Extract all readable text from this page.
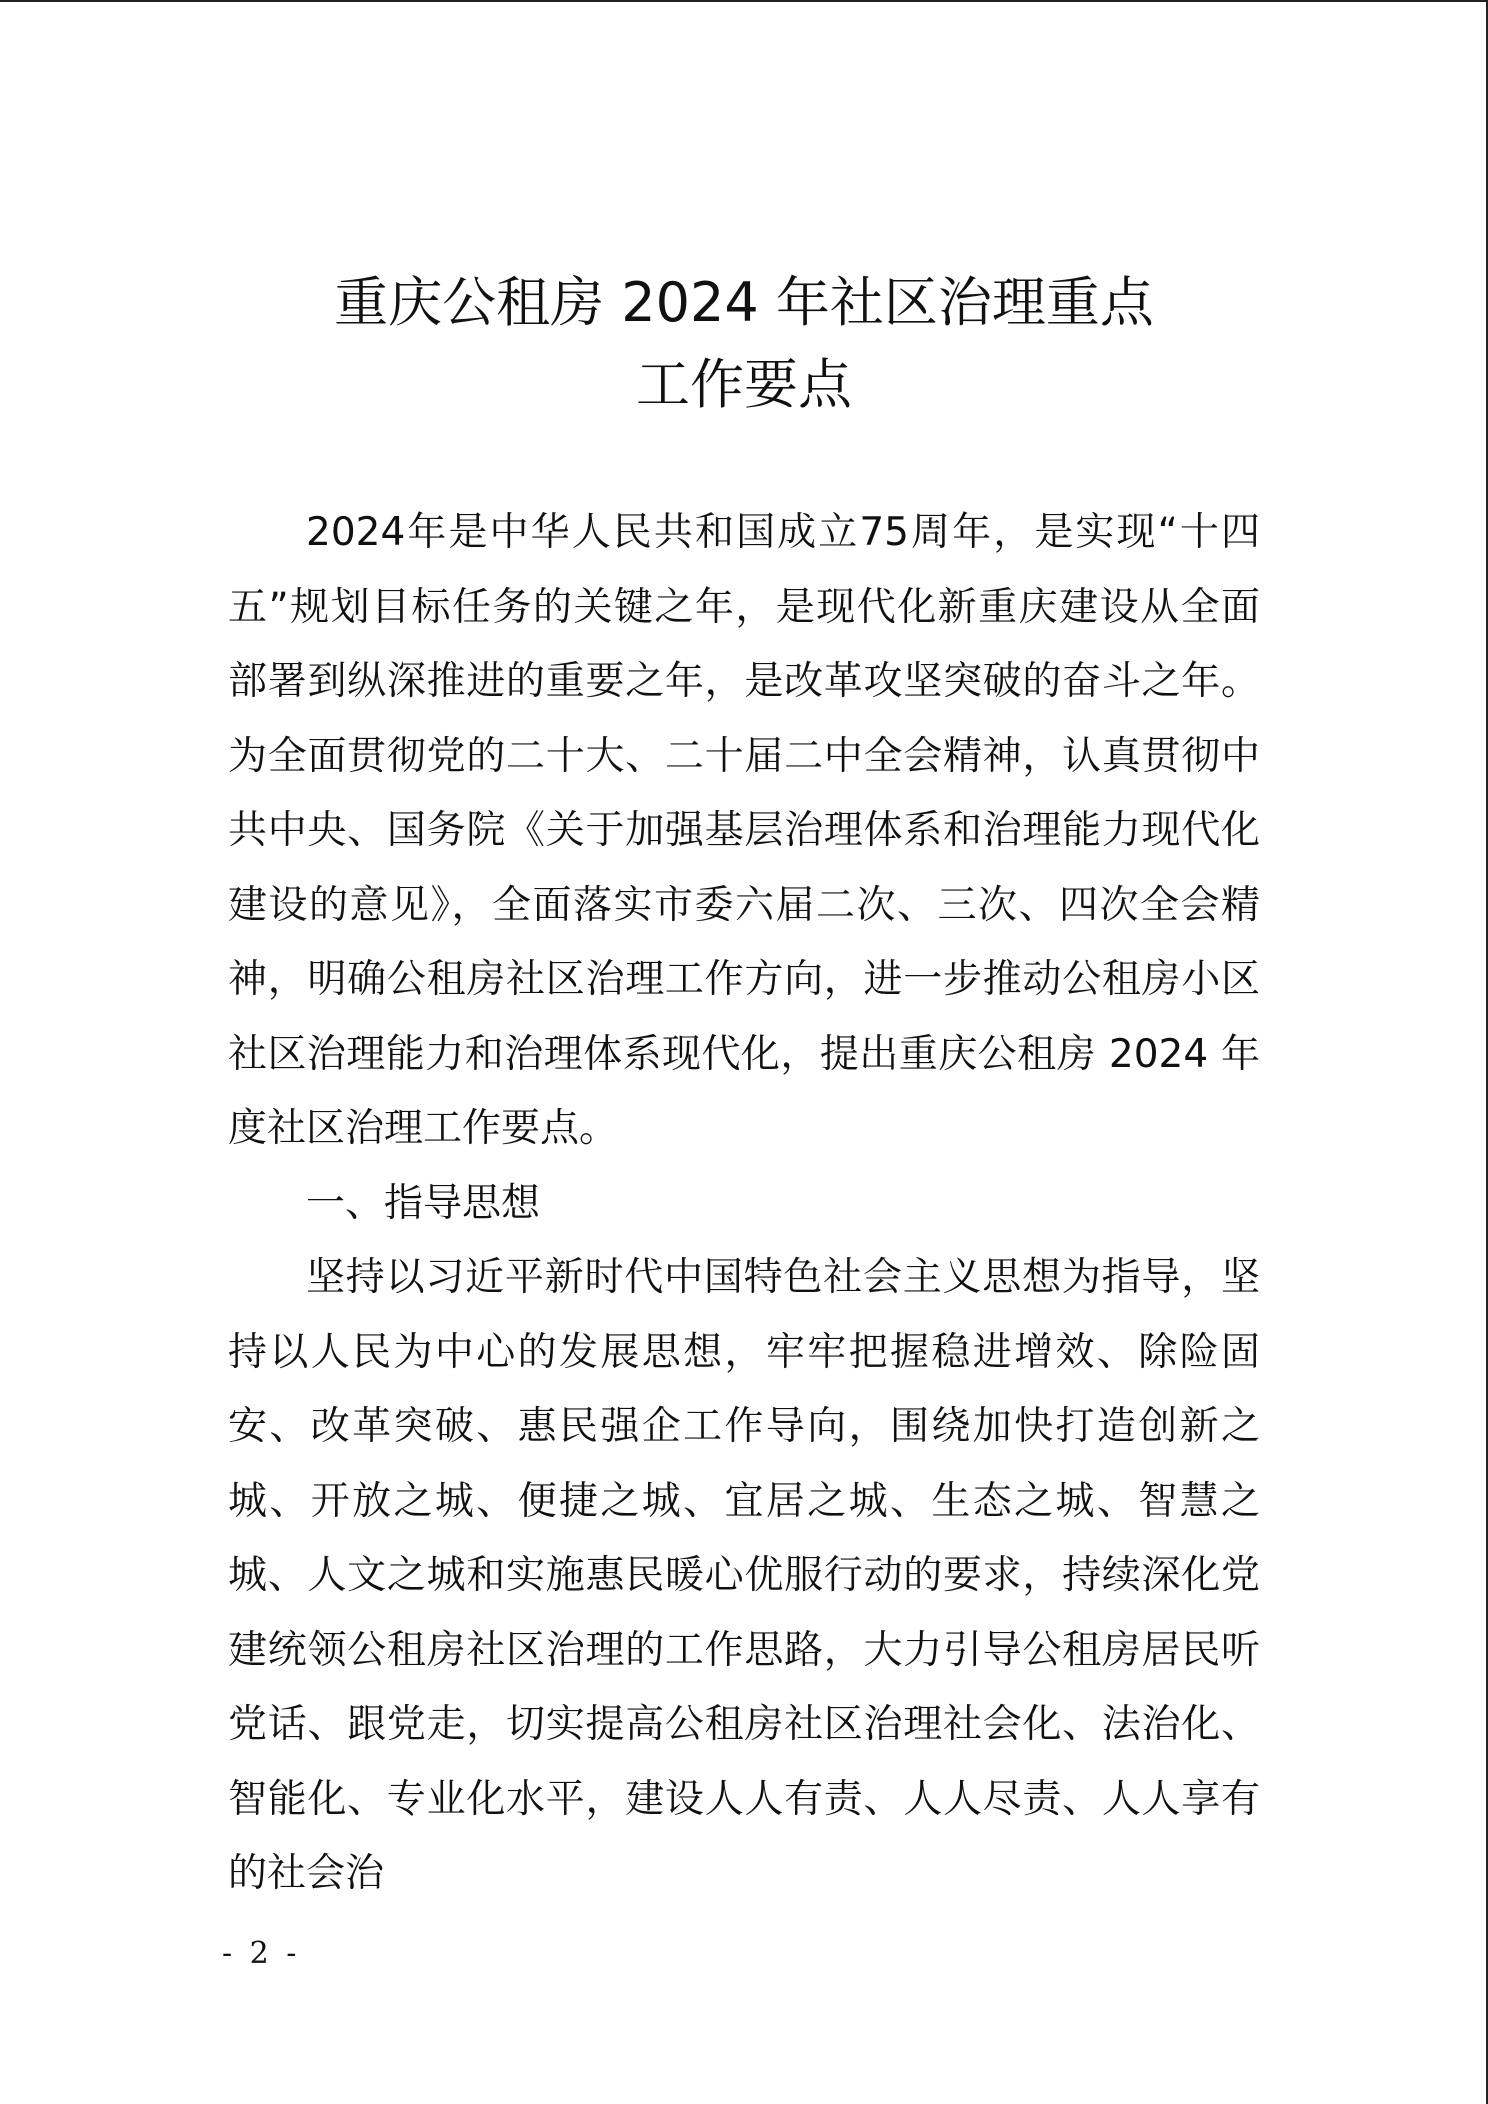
重庆公租房 2024 年社区治理重点
工作要点

2024年是中华人民共和国成立75周年，是实现“十四五”规划目标任务的关键之年，是现代化新重庆建设从全面部署到纵深推进的重要之年，是改革攻坚突破的奋斗之年。为全面贯彻党的二十大、二十届二中全会精神，认真贯彻中共中央、国务院《关于加强基层治理体系和治理能力现代化建设的意见》，全面落实市委六届二次、三次、四次全会精神，明确公租房社区治理工作方向，进一步推动公租房小区社区治理能力和治理体系现代化，提出重庆公租房 2024 年度社区治理工作要点。

一、指导思想

坚持以习近平新时代中国特色社会主义思想为指导，坚持以人民为中心的发展思想，牢牢把握稳进增效、除险固安、改革突破、惠民强企工作导向，围绕加快打造创新之城、开放之城、便捷之城、宜居之城、生态之城、智慧之城、人文之城和实施惠民暖心优服行动的要求，持续深化党建统领公租房社区治理的工作思路，大力引导公租房居民听党话、跟党走，切实提高公租房社区治理社会化、法治化、智能化、专业化水平，建设人人有责、人人尽责、人人享有的社会治

- 2 -
